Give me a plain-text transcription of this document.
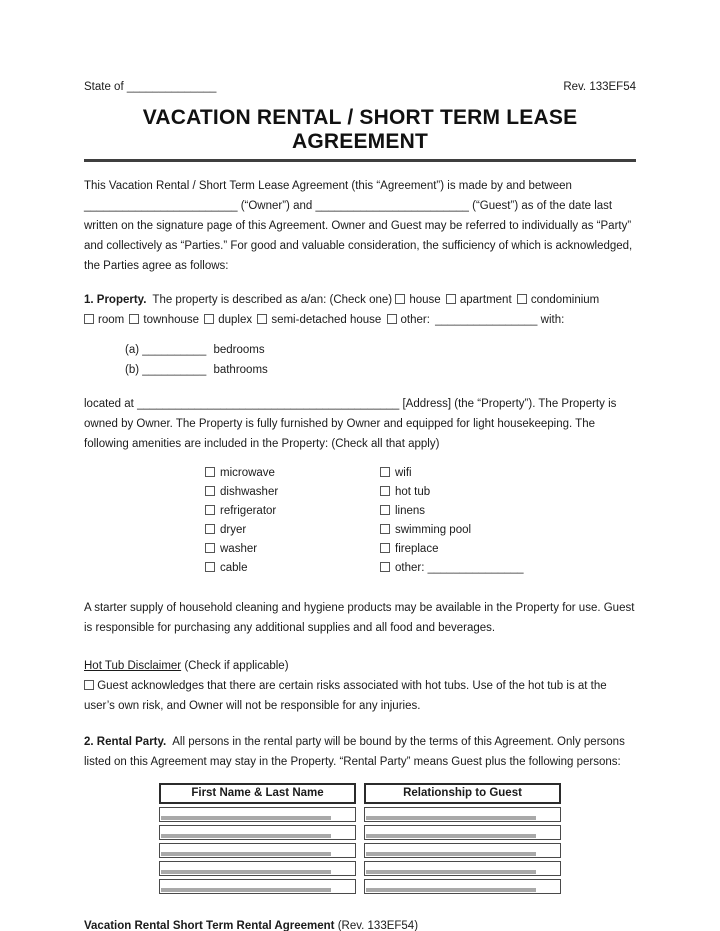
State of ______________	Rev. 133EF54
VACATION RENTAL / SHORT TERM LEASE AGREEMENT

This Vacation Rental / Short Term Lease Agreement (this “Agreement”) is made by and between ________________________ (“Owner”) and ________________________ (“Guest”) as of the date last written on the signature page of this Agreement. Owner and Guest may be referred to individually as “Party” and collectively as “Parties.” For good and valuable consideration, the sufficiency of which is acknowledged, the Parties agree as follows:

1. Property. The property is described as a/an: (Check one) house apartment condominium room townhouse duplex semi-detached house other: ________________ with:

(a) __________ bedrooms
(b) __________ bathrooms

located at _________________________________________ [Address] (the “Property”). The Property is owned by Owner. The Property is fully furnished by Owner and equipped for light housekeeping. The following amenities are included in the Property: (Check all that apply)

microwave
dishwasher
refrigerator
dryer
washer
cable
wifi
hot tub
linens
swimming pool
fireplace
other: _______________

A starter supply of household cleaning and hygiene products may be available in the Property for use. Guest is responsible for purchasing any additional supplies and all food and beverages.

Hot Tub Disclaimer (Check if applicable)
Guest acknowledges that there are certain risks associated with hot tubs. Use of the hot tub is at the user’s own risk, and Owner will not be responsible for any injuries.

2. Rental Party. All persons in the rental party will be bound by the terms of this Agreement. Only persons listed on this Agreement may stay in the Property. “Rental Party” means Guest plus the following persons:

First Name & Last Name	Relationship to Guest

Vacation Rental Short Term Rental Agreement (Rev. 133EF54)
